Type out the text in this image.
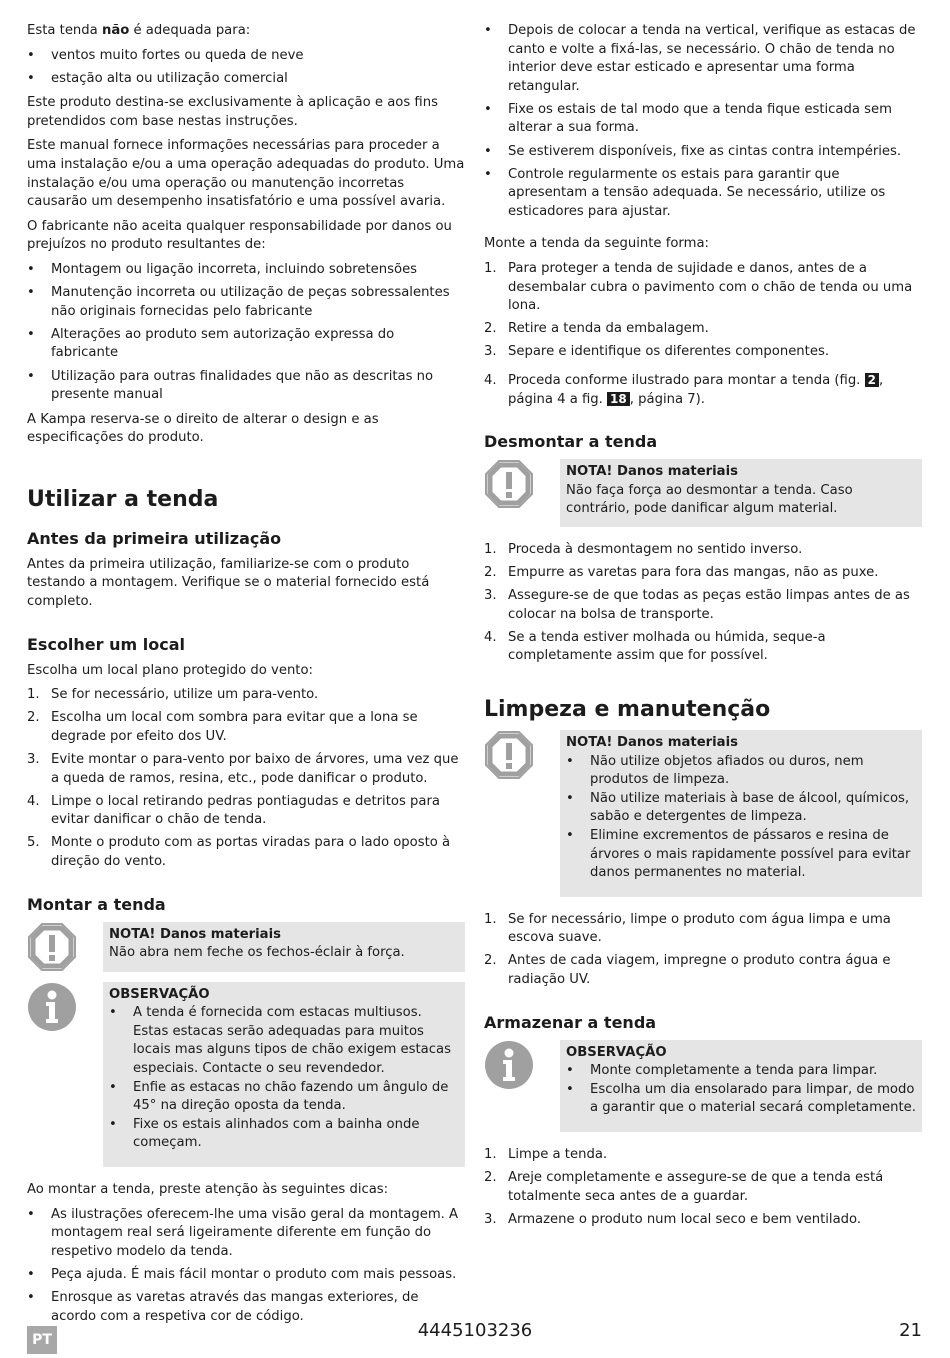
Esta tenda não é adequada para:

• ventos muito fortes ou queda de neve
• estação alta ou utilização comercial

Este produto destina-se exclusivamente à aplicação e aos fins pretendidos com base nestas instruções.

Este manual fornece informações necessárias para proceder a uma instalação e/ou a uma operação adequadas do produto. Uma instalação e/ou uma operação ou manutenção incorretas causarão um desempenho insatisfatório e uma possível avaria.

O fabricante não aceita qualquer responsabilidade por danos ou prejuízos no produto resultantes de:

• Montagem ou ligação incorreta, incluindo sobretensões
• Manutenção incorreta ou utilização de peças sobressalentes não originais fornecidas pelo fabricante
• Alterações ao produto sem autorização expressa do fabricante
• Utilização para outras finalidades que não as descritas no presente manual

A Kampa reserva-se o direito de alterar o design e as especificações do produto.

Utilizar a tenda
Antes da primeira utilização

Antes da primeira utilização, familiarize-se com o produto testando a montagem. Verifique se o material fornecido está completo.

Escolher um local

Escolha um local plano protegido do vento:

1. Se for necessário, utilize um para-vento.
2. Escolha um local com sombra para evitar que a lona se degrade por efeito dos UV.
3. Evite montar o para-vento por baixo de árvores, uma vez que a queda de ramos, resina, etc., pode danificar o produto.
4. Limpe o local retirando pedras pontiagudas e detritos para evitar danificar o chão de tenda.
5. Monte o produto com as portas viradas para o lado oposto à direção do vento.
Montar a tenda

NOTA! Danos materiais

Não abra nem feche os fechos-éclair à força.

OBSERVAÇÃO

• A tenda é fornecida com estacas multiusos. Estas estacas serão adequadas para muitos locais mas alguns tipos de chão exigem estacas especiais. Contacte o seu revendedor.
• Enfie as estacas no chão fazendo um ângulo de 45° na direção oposta da tenda.
• Fixe os estais alinhados com a bainha onde começam.

Ao montar a tenda, preste atenção às seguintes dicas:

• As ilustrações oferecem-lhe uma visão geral da montagem. A montagem real será ligeiramente diferente em função do respetivo modelo da tenda.
• Peça ajuda. É mais fácil montar o produto com mais pessoas.
• Enrosque as varetas através das mangas exteriores, de acordo com a respetiva cor de código.
• Depois de colocar a tenda na vertical, verifique as estacas de canto e volte a fixá-las, se necessário. O chão de tenda no interior deve estar esticado e apresentar uma forma retangular.
• Fixe os estais de tal modo que a tenda fique esticada sem alterar a sua forma.
• Se estiverem disponíveis, fixe as cintas contra intempéries.
• Controle regularmente os estais para garantir que apresentam a tensão adequada. Se necessário, utilize os esticadores para ajustar.

Monte a tenda da seguinte forma:

1. Para proteger a tenda de sujidade e danos, antes de a desembalar cubra o pavimento com o chão de tenda ou uma lona.
2. Retire a tenda da embalagem.
3. Separe e identifique os diferentes componentes.
4. Proceda conforme ilustrado para montar a tenda (fig. 2 , página 4 a fig. 18 , página 7).
Desmontar a tenda

NOTA! Danos materiais

Não faça força ao desmontar a tenda. Caso contrário, pode danificar algum material.

1. Proceda à desmontagem no sentido inverso.
2. Empurre as varetas para fora das mangas, não as puxe.
3. Assegure-se de que todas as peças estão limpas antes de as colocar na bolsa de transporte.
4. Se a tenda estiver molhada ou húmida, seque-a completamente assim que for possível.
Limpeza e manutenção

NOTA! Danos materiais

• Não utilize objetos afiados ou duros, nem produtos de limpeza.
• Não utilize materiais à base de álcool, químicos, sabão e detergentes de limpeza.
• Elimine excrementos de pássaros e resina de árvores o mais rapidamente possível para evitar danos permanentes no material.
1. Se for necessário, limpe o produto com água limpa e uma escova suave.
2. Antes de cada viagem, impregne o produto contra água e radiação UV.
Armazenar a tenda

OBSERVAÇÃO

• Monte completamente a tenda para limpar.
• Escolha um dia ensolarado para limpar, de modo a garantir que o material secará completamente.
1. Limpe a tenda.
2. Areje completamente e assegure-se de que a tenda está totalmente seca antes de a guardar.
3. Armazene o produto num local seco e bem ventilado.
PT	4445103236	21
